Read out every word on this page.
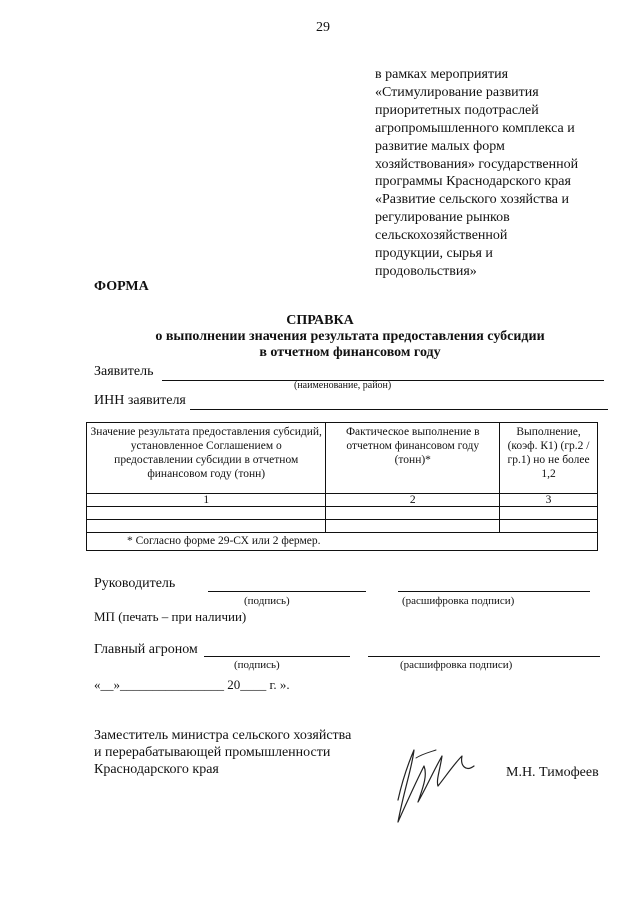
29
в рамках мероприятия
«Стимулирование развития
приоритетных подотраслей
агропромышленного комплекса и
развитие малых форм
хозяйствования» государственной
программы Краснодарского края
«Развитие сельского хозяйства и
регулирование рынков
сельскохозяйственной
продукции, сырья и
продовольствия»
ФОРМА
СПРАВКА
о выполнении значения результата предоставления субсидии
в отчетном финансовом году
Заявитель
(наименование, район)
ИНН заявителя
Значение результата предоставления субсидий, установленное Соглашением о предоставлении субсидии в отчетном финансовом году (тонн)	Фактическое выполнение в отчетном финансовом году (тонн)*	Выполнение, (коэф. К1) (гр.2 / гр.1) но не более 1,2
1	2	3

* Согласно форме 29-СХ или 2 фермер.		
Руководитель
(подпись)	(расшифровка подписи)
МП (печать – при наличии)
Главный агроном
(подпись)	(расшифровка подписи)
«__»________________ 20____ г. ».
Заместитель министра сельского хозяйства
и перерабатывающей промышленности
Краснодарского края	М.Н. Тимофеев
